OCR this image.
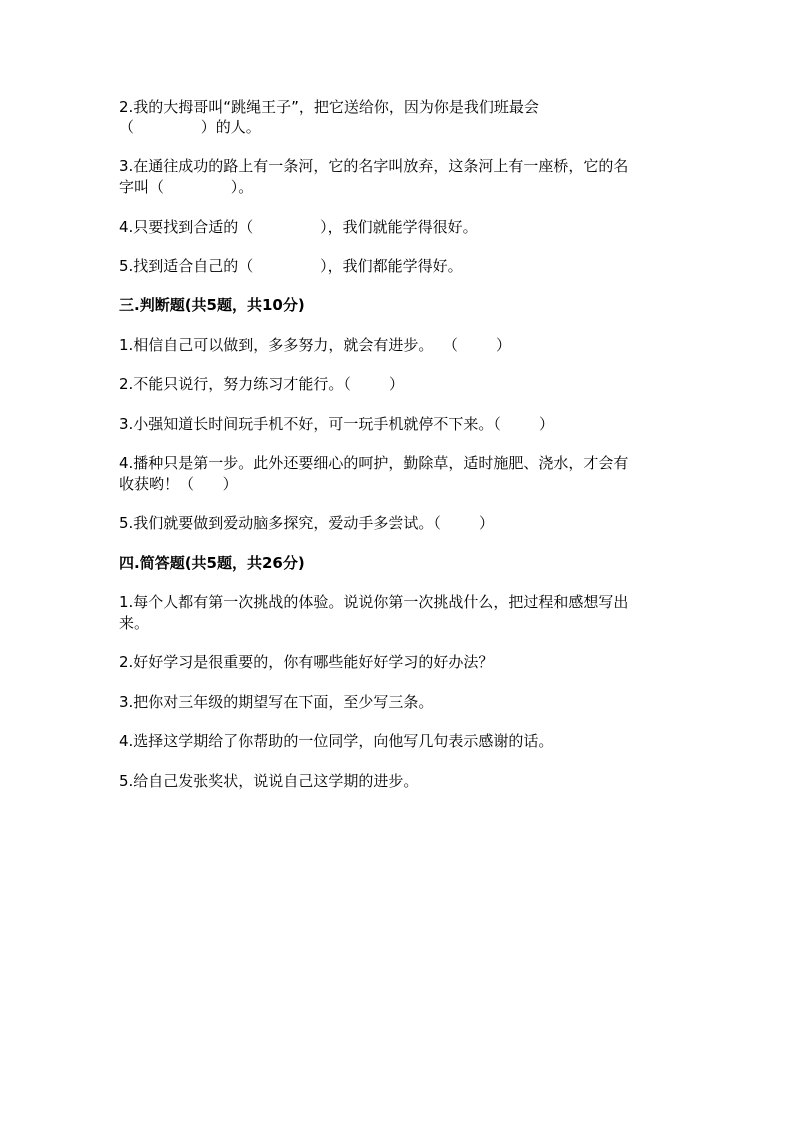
2.我的大拇哥叫“跳绳王子”，把它送给你，因为你是我们班最会
（              ）的人。
3.在通往成功的路上有一条河，它的名字叫放弃，这条河上有一座桥，它的名
字叫（              ）。
4.只要找到合适的（              ），我们就能学得很好。
5.找到适合自己的（              ），我们都能学得好。
三.判断题(共5题，共10分)
1.相信自己可以做到，多多努力，就会有进步。  （        ）
2.不能只说行，努力练习才能行。（        ）
3.小强知道长时间玩手机不好，可一玩手机就停不下来。（        ）
4.播种只是第一步。此外还要细心的呵护，勤除草，适时施肥、浇水，才会有
收获哟！（      ）
5.我们就要做到爱动脑多探究，爱动手多尝试。（        ）
四.简答题(共5题，共26分)
1.每个人都有第一次挑战的体验。说说你第一次挑战什么，把过程和感想写出
来。
2.好好学习是很重要的，你有哪些能好好学习的好办法？
3.把你对三年级的期望写在下面，至少写三条。
4.选择这学期给了你帮助的一位同学，向他写几句表示感谢的话。
5.给自己发张奖状，说说自己这学期的进步。
